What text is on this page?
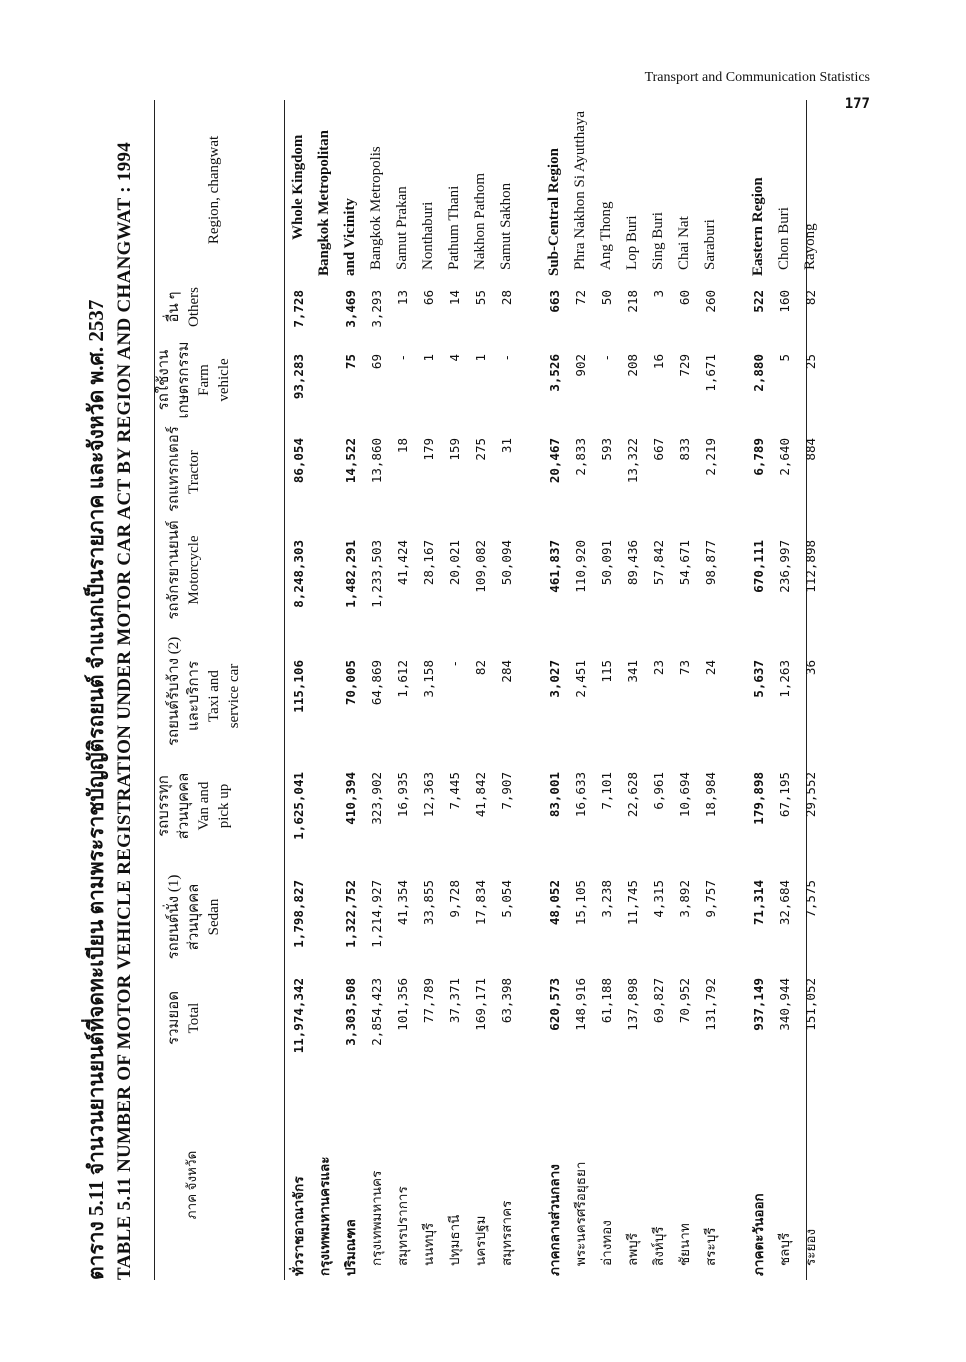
Transport and Communication Statistics
177
ตาราง 5.11 จำนวนยานยนต์ที่จดทะเบียน ตามพระราชบัญญัติรถยนต์ จำแนกเป็นรายภาค และจังหวัด พ.ศ. 2537 TABLE 5.11 NUMBER OF MOTOR VEHICLE REGISTRATION UNDER MOTOR CAR ACT BY REGION AND CHANGWAT : 1994	ภาค จังหวัด
รวมยอด Total
รถยนต์นั่ง (1) ส่วนบุคคล Sedan
รถบรรทุก ส่วนบุคคล Van and pick up
รถยนต์รับจ้าง (2) และบริการ Taxi and service car
รถจักรยานยนต์ Motorcycle
รถแทรกเตอร์ Tractor
รถใช้งาน เกษตรกรรม Farm vehicle
อื่น ๆ Others
Region, changwat
ทั่วราชอาณาจักร
11,974,342
1,798,827
1,625,041
115,106
8,248,303
86,054
93,283
7,728
Whole Kingdom
กรุงเทพมหานครและ
Bangkok Metropolitan
ปริมณฑล
3,303,508
1,322,752
410,394
70,005
1,482,291
14,522
75
3,469
and Vicinity
กรุงเทพมหานคร
2,854,423
1,214,927
323,902
64,869
1,233,503
13,860
69
3,293
Bangkok Metropolis
สมุทรปราการ
101,356
41,354
16,935
1,612
41,424
18
-
13
Samut Prakan
นนทบุรี
77,789
33,855
12,363
3,158
28,167
179
1
66
Nonthaburi
ปทุมธานี
37,371
9,728
7,445
-
20,021
159
4
14
Pathum Thani
นครปฐม
169,171
17,834
41,842
82
109,082
275
1
55
Nakhon Pathom
สมุทรสาคร
63,398
5,054
7,907
284
50,094
31
-
28
Samut Sakhon
ภาคกลางส่วนกลาง
620,573
48,052
83,001
3,027
461,837
20,467
3,526
663
Sub-Central Region
พระนครศรีอยุธยา
148,916
15,105
16,633
2,451
110,920
2,833
902
72
Phra Nakhon Si Ayutthaya
อ่างทอง
61,188
3,238
7,101
115
50,091
593
-
50
Ang Thong
ลพบุรี
137,898
11,745
22,628
341
89,436
13,322
208
218
Lop Buri
สิงห์บุรี
69,827
4,315
6,961
23
57,842
667
16
3
Sing Buri
ชัยนาท
70,952
3,892
10,694
73
54,671
833
729
60
Chai Nat
สระบุรี
131,792
9,757
18,984
24
98,877
2,219
1,671
260
Saraburi
ภาคตะวันออก
937,149
71,314
179,898
5,637
670,111
6,789
2,880
522
Eastern Region
ชลบุรี
340,944
32,684
67,195
1,263
236,997
2,640
5
160
Chon Buri
ระยอง
151,052
7,575
29,552
36
112,898
884
25
82
Rayong
